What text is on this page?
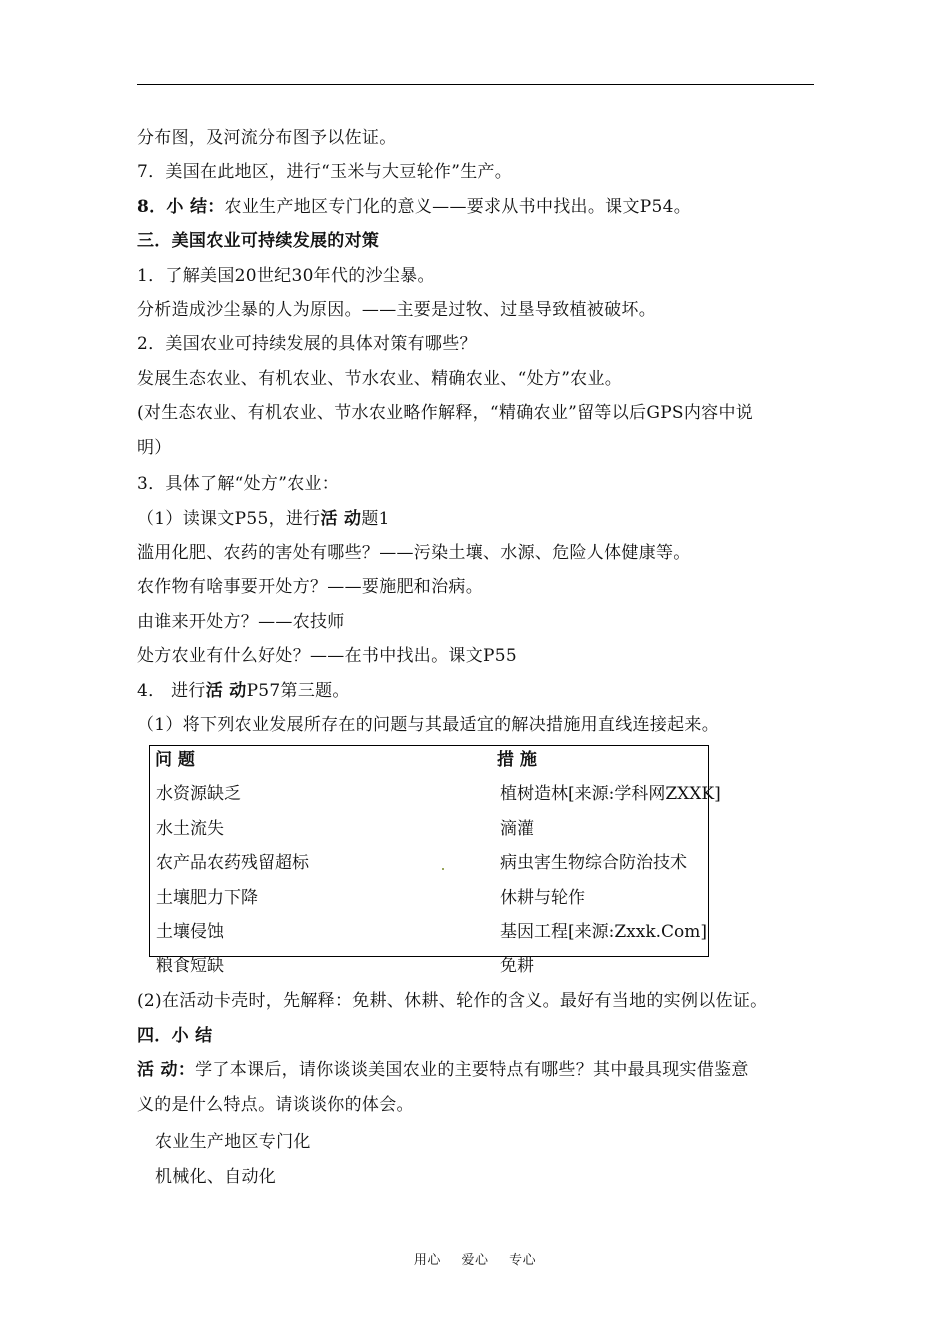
分布图，及河流分布图予以佐证。
7．美国在此地区，进行“玉米与大豆轮作”生产。
8．小 结：农业生产地区专门化的意义——要求从书中找出。课文P54。
三．美国农业可持续发展的对策
1．了解美国20世纪30年代的沙尘暴。
分析造成沙尘暴的人为原因。——主要是过牧、过垦导致植被破坏。
2．美国农业可持续发展的具体对策有哪些？
发展生态农业、有机农业、节水农业、精确农业、“处方”农业。
(对生态农业、有机农业、节水农业略作解释，“精确农业”留等以后GPS内容中说
明）
3．具体了解“处方”农业：
（1）读课文P55，进行活 动题1
滥用化肥、农药的害处有哪些？——污染土壤、水源、危险人体健康等。
农作物有啥事要开处方？——要施肥和治病。
由谁来开处方？——农技师
处方农业有什么好处？——在书中找出。课文P55
4． 进行活 动P57第三题。
（1）将下列农业发展所存在的问题与其最适宜的解决措施用直线连接起来。
问 题	措 施
水资源缺乏
水土流失
农产品农药残留超标
土壤肥力下降
土壤侵蚀
粮食短缺
植树造林[来源:学科网ZXXK]
滴灌
病虫害生物综合防治技术
休耕与轮作
基因工程[来源:Zxxk.Com]
免耕
(2)在活动卡壳时，先解释：免耕、休耕、轮作的含义。最好有当地的实例以佐证。
四．小 结
活 动：学了本课后，请你谈谈美国农业的主要特点有哪些？其中最具现实借鉴意
义的是什么特点。请谈谈你的体会。
农业生产地区专门化
机械化、自动化
用心 爱心 专心
